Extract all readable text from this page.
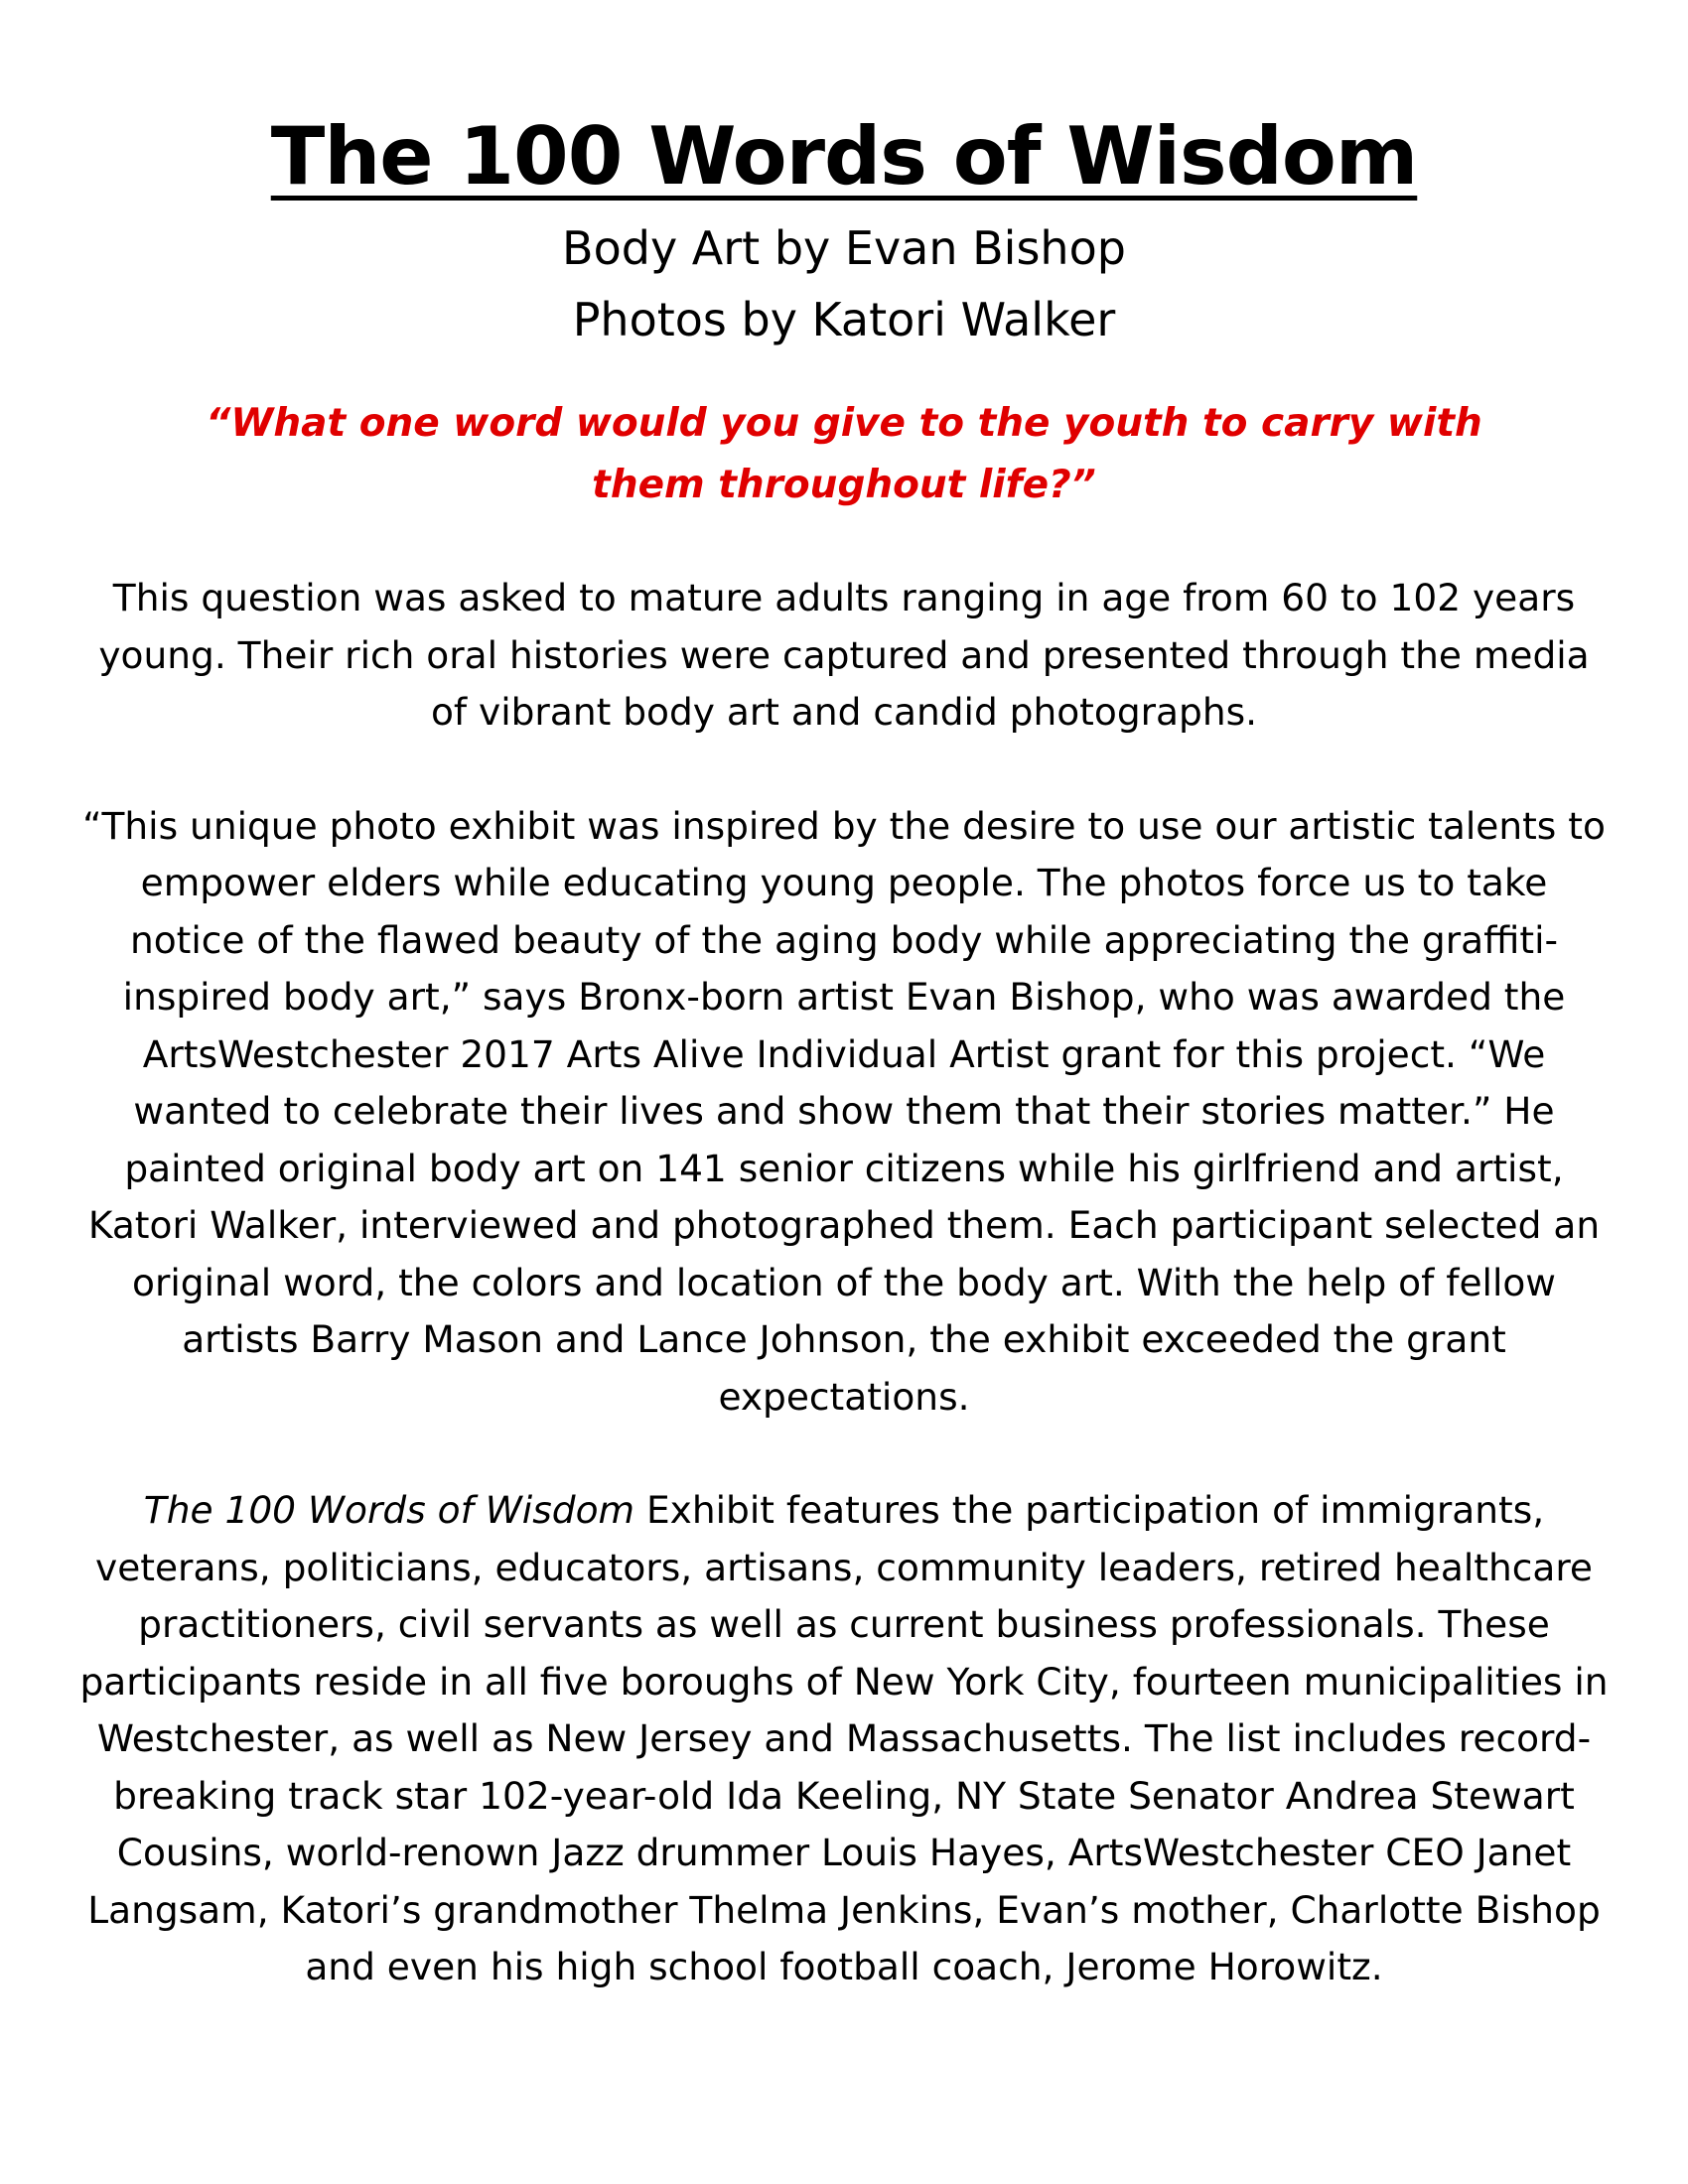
The 100 Words of Wisdom

Body Art by Evan Bishop

Photos by Katori Walker

“What one word would you give to the youth to carry with them throughout life?”

This question was asked to mature adults ranging in age from 60 to 102 years young. Their rich oral histories were captured and presented through the media of vibrant body art and candid photographs.

“This unique photo exhibit was inspired by the desire to use our artistic talents to empower elders while educating young people. The photos force us to take notice of the flawed beauty of the aging body while appreciating the graffiti-inspired body art,” says Bronx-born artist Evan Bishop, who was awarded the ArtsWestchester 2017 Arts Alive Individual Artist grant for this project. “We wanted to celebrate their lives and show them that their stories matter.” He painted original body art on 141 senior citizens while his girlfriend and artist, Katori Walker, interviewed and photographed them. Each participant selected an original word, the colors and location of the body art. With the help of fellow artists Barry Mason and Lance Johnson, the exhibit exceeded the grant expectations.

The 100 Words of Wisdom Exhibit features the participation of immigrants, veterans, politicians, educators, artisans, community leaders, retired healthcare practitioners, civil servants as well as current business professionals. These participants reside in all five boroughs of New York City, fourteen municipalities in Westchester, as well as New Jersey and Massachusetts. The list includes record-breaking track star 102-year-old Ida Keeling, NY State Senator Andrea Stewart Cousins, world-renown Jazz drummer Louis Hayes, ArtsWestchester CEO Janet Langsam, Katori’s grandmother Thelma Jenkins, Evan’s mother, Charlotte Bishop and even his high school football coach, Jerome Horowitz.
